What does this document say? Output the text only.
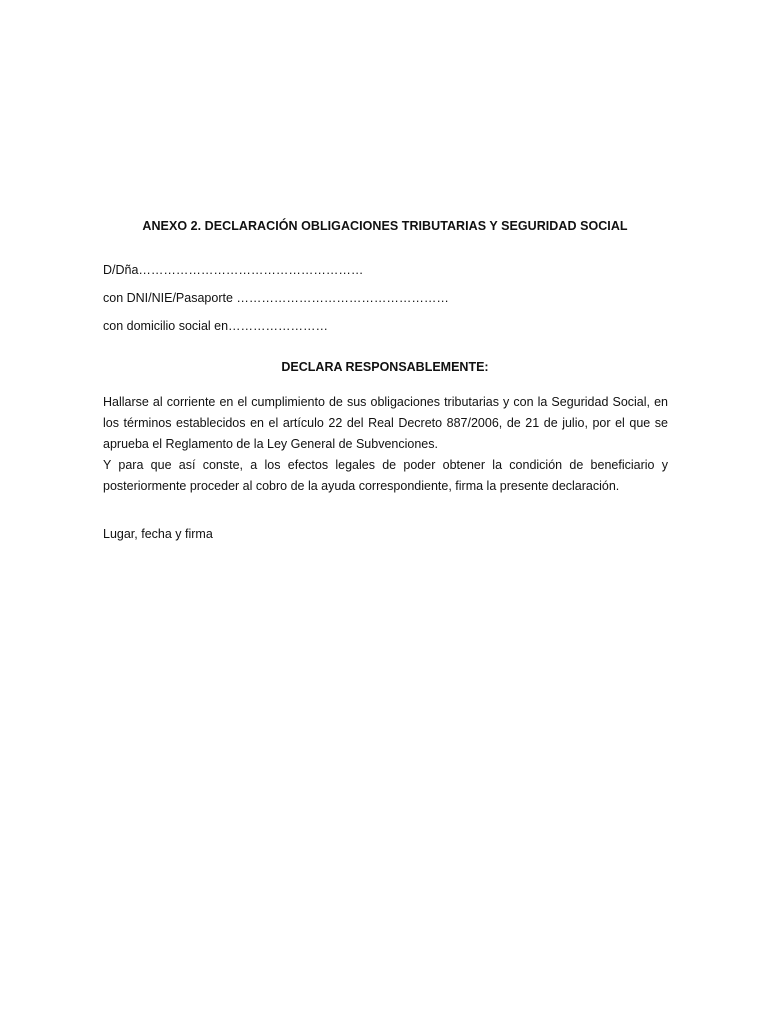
ANEXO 2. DECLARACIÓN OBLIGACIONES TRIBUTARIAS Y SEGURIDAD SOCIAL
D/Dña………………………………………………
con DNI/NIE/Pasaporte ……………………………………………
con domicilio social en……………………
DECLARA RESPONSABLEMENTE:

Hallarse al corriente en el cumplimiento de sus obligaciones tributarias y con la Seguridad Social, en los términos establecidos en el artículo 22 del Real Decreto 887/2006, de 21 de julio, por el que se aprueba el Reglamento de la Ley General de Subvenciones.

Y para que así conste, a los efectos legales de poder obtener la condición de beneficiario y posteriormente proceder al cobro de la ayuda correspondiente, firma la presente declaración.

Lugar, fecha y firma
